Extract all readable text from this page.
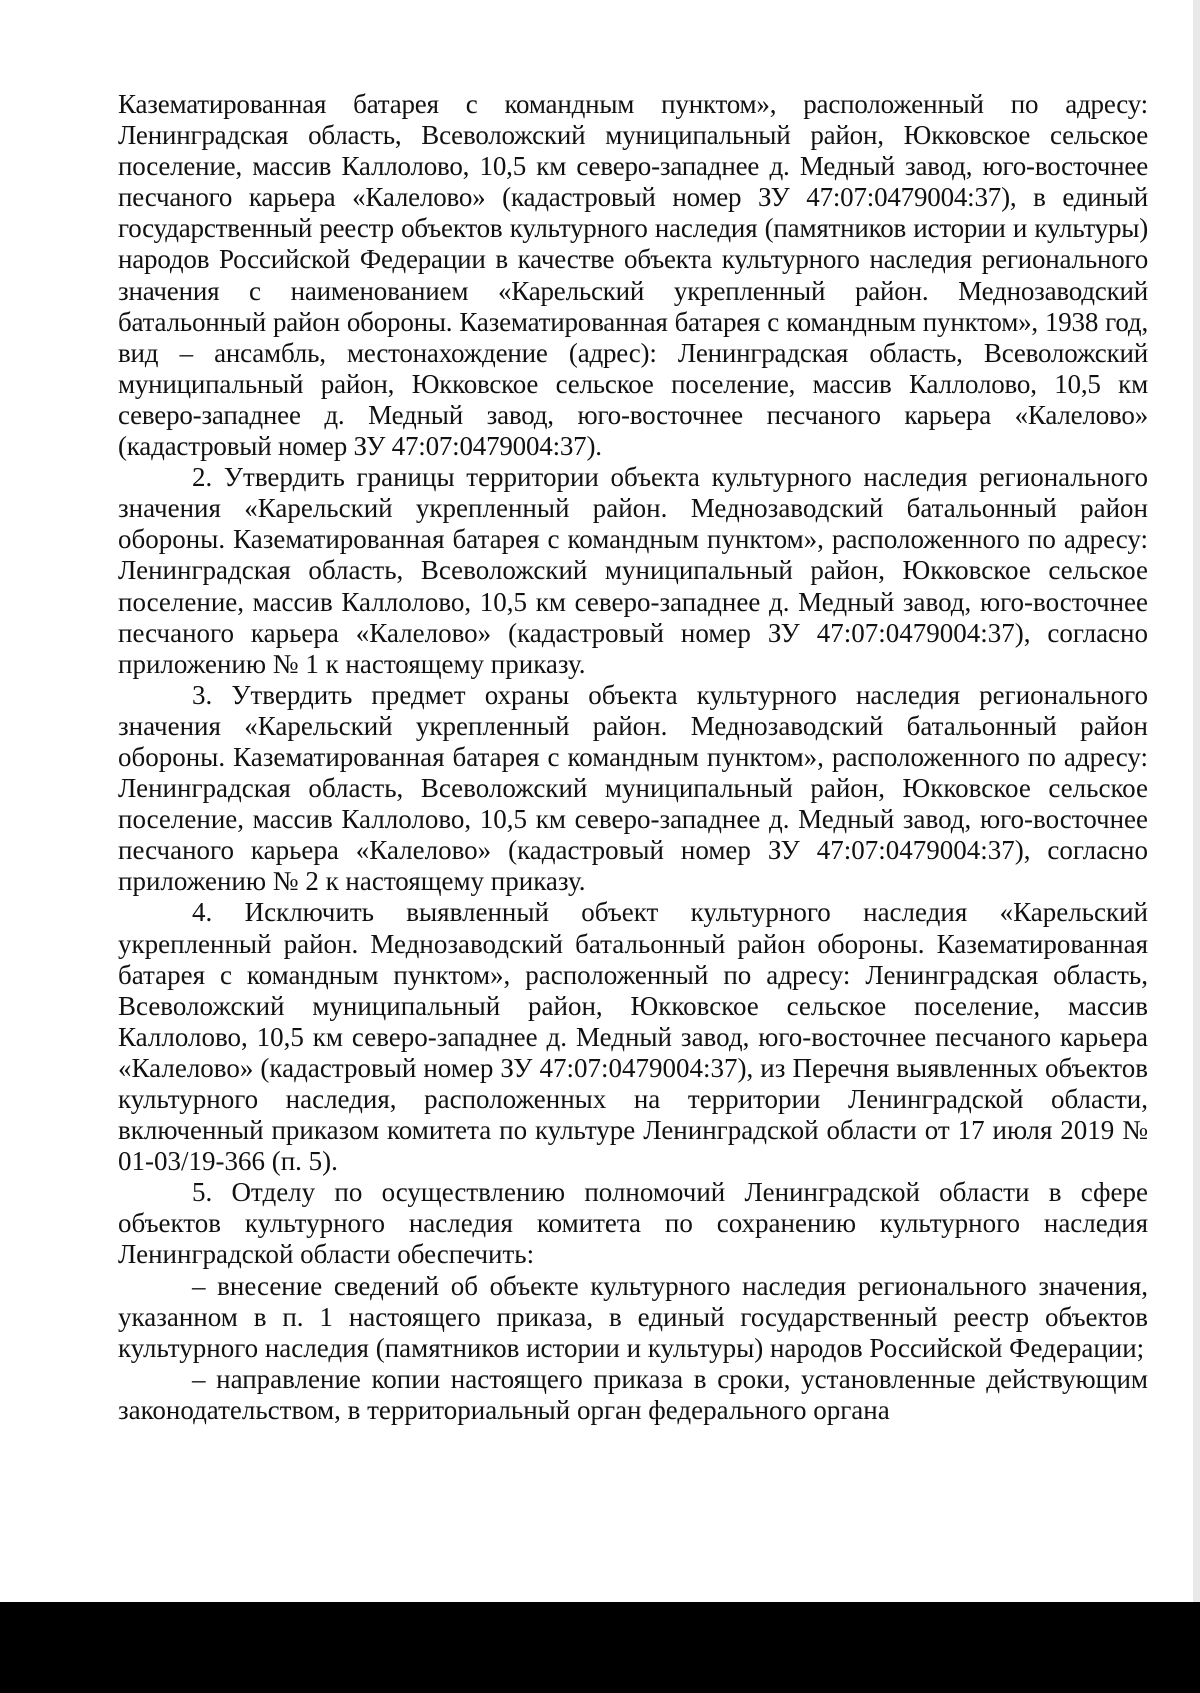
Казематированная батарея с командным пунктом», расположенный по адресу: Ленинградская область, Всеволожский муниципальный район, Юкковское сельское поселение, массив Каллолово, 10,5 км северо-западнее д. Медный завод, юго-восточнее песчаного карьера «Калелово» (кадастровый номер ЗУ 47:07:0479004:37), в единый государственный реестр объектов культурного наследия (памятников истории и культуры) народов Российской Федерации в качестве объекта культурного наследия регионального значения с наименованием «Карельский укрепленный район. Меднозаводский батальонный район обороны. Казематированная батарея с командным пунктом», 1938 год, вид – ансамбль, местонахождение (адрес): Ленинградская область, Всеволожский муниципальный район, Юкковское сельское поселение, массив Каллолово, 10,5 км северо-западнее д. Медный завод, юго-восточнее песчаного карьера «Калелово» (кадастровый номер ЗУ 47:07:0479004:37).

2. Утвердить границы территории объекта культурного наследия регионального значения «Карельский укрепленный район. Меднозаводский батальонный район обороны. Казематированная батарея с командным пунктом», расположенного по адресу: Ленинградская область, Всеволожский муниципальный район, Юкковское сельское поселение, массив Каллолово, 10,5 км северо-западнее д. Медный завод, юго-восточнее песчаного карьера «Калелово» (кадастровый номер ЗУ 47:07:0479004:37), согласно приложению № 1 к настоящему приказу.

3. Утвердить предмет охраны объекта культурного наследия регионального значения «Карельский укрепленный район. Меднозаводский батальонный район обороны. Казематированная батарея с командным пунктом», расположенного по адресу: Ленинградская область, Всеволожский муниципальный район, Юкковское сельское поселение, массив Каллолово, 10,5 км северо-западнее д. Медный завод, юго-восточнее песчаного карьера «Калелово» (кадастровый номер ЗУ 47:07:0479004:37), согласно приложению № 2 к настоящему приказу.

4. Исключить выявленный объект культурного наследия «Карельский укрепленный район. Меднозаводский батальонный район обороны. Казематированная батарея с командным пунктом», расположенный по адресу: Ленинградская область, Всеволожский муниципальный район, Юкковское сельское поселение, массив Каллолово, 10,5 км северо-западнее д. Медный завод, юго-восточнее песчаного карьера «Калелово» (кадастровый номер ЗУ 47:07:0479004:37), из Перечня выявленных объектов культурного наследия, расположенных на территории Ленинградской области, включенный приказом комитета по культуре Ленинградской области от 17 июля 2019 № 01-03/19-366 (п. 5).

5. Отделу по осуществлению полномочий Ленинградской области в сфере объектов культурного наследия комитета по сохранению культурного наследия Ленинградской области обеспечить:

– внесение сведений об объекте культурного наследия регионального значения, указанном в п. 1 настоящего приказа, в единый государственный реестр объектов культурного наследия (памятников истории и культуры) народов Российской Федерации;

– направление копии настоящего приказа в сроки, установленные действующим законодательством, в территориальный орган федерального органа
